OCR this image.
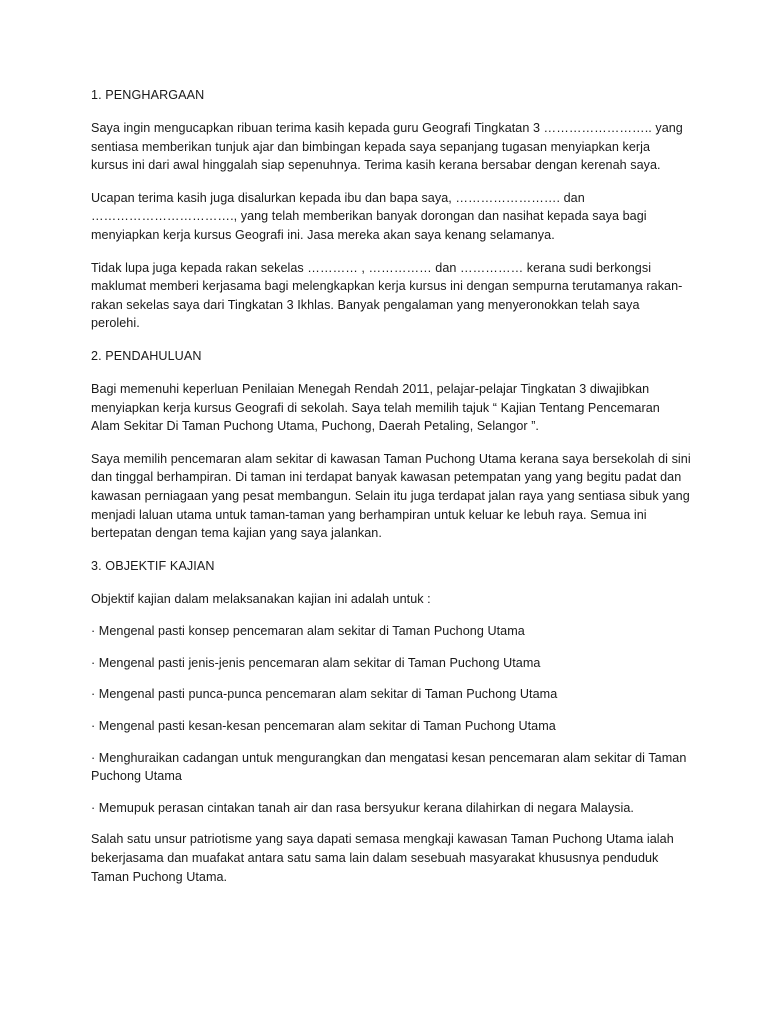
1. PENGHARGAAN

Saya ingin mengucapkan ribuan terima kasih kepada guru Geografi Tingkatan 3 …………………….. yang sentiasa memberikan tunjuk ajar dan bimbingan kepada saya sepanjang tugasan menyiapkan kerja kursus ini dari awal hinggalah siap sepenuhnya. Terima kasih kerana bersabar dengan kerenah saya.

Ucapan terima kasih juga disalurkan kepada ibu dan bapa saya, ……………………. dan ……………………………., yang telah memberikan banyak dorongan dan nasihat kepada saya bagi menyiapkan kerja kursus Geografi ini. Jasa mereka akan saya kenang selamanya.

Tidak lupa juga kepada rakan sekelas ………… , …………… dan …………… kerana sudi berkongsi maklumat memberi kerjasama bagi melengkapkan kerja kursus ini dengan sempurna terutamanya rakan-rakan sekelas saya dari Tingkatan 3 Ikhlas. Banyak pengalaman yang menyeronokkan telah saya perolehi.

2. PENDAHULUAN

Bagi memenuhi keperluan Penilaian Menegah Rendah 2011, pelajar-pelajar Tingkatan 3 diwajibkan menyiapkan kerja kursus Geografi di sekolah. Saya telah memilih tajuk “ Kajian Tentang Pencemaran Alam Sekitar Di Taman Puchong Utama, Puchong, Daerah Petaling, Selangor ”.

Saya memilih pencemaran alam sekitar di kawasan Taman Puchong Utama kerana saya bersekolah di sini dan tinggal berhampiran. Di taman ini terdapat banyak kawasan petempatan yang yang begitu padat dan kawasan perniagaan yang pesat membangun. Selain itu juga terdapat jalan raya yang sentiasa sibuk yang menjadi laluan utama untuk taman-taman yang berhampiran untuk keluar ke lebuh raya. Semua ini bertepatan dengan tema kajian yang saya jalankan.

3. OBJEKTIF KAJIAN

Objektif kajian dalam melaksanakan kajian ini adalah untuk :

· Mengenal pasti konsep pencemaran alam sekitar di Taman Puchong Utama

· Mengenal pasti jenis-jenis pencemaran alam sekitar di Taman Puchong Utama

· Mengenal pasti punca-punca pencemaran alam sekitar di Taman Puchong Utama

· Mengenal pasti kesan-kesan pencemaran alam sekitar di Taman Puchong Utama

· Menghuraikan cadangan untuk mengurangkan dan mengatasi kesan pencemaran alam sekitar di Taman Puchong Utama

· Memupuk perasan cintakan tanah air dan rasa bersyukur kerana dilahirkan di negara Malaysia.

Salah satu unsur patriotisme yang saya dapati semasa mengkaji kawasan Taman Puchong Utama ialah bekerjasama dan muafakat antara satu sama lain dalam sesebuah masyarakat khususnya penduduk Taman Puchong Utama.
